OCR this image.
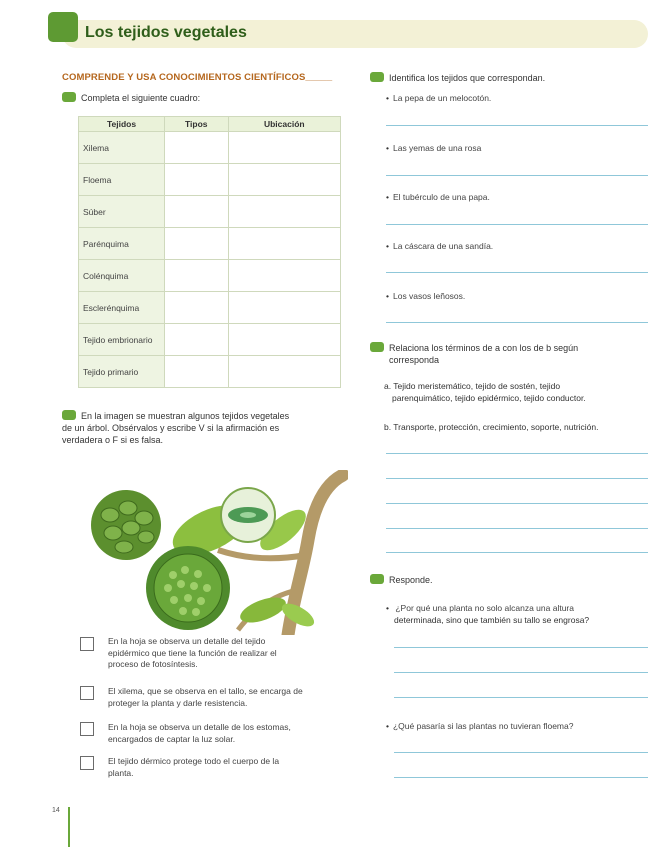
Los tejidos vegetales
COMPRENDE Y USA CONOCIMIENTOS CIENTÍFICOS_____
Completa el siguiente cuadro:
Tejidos	Tipos	Ubicación
Xilema		
Floema		
Súber		
Parénquima		
Colénquima		
Esclerénquima		
Tejido embrionario		
Tejido primario		
En la imagen se muestran algunos tejidos vegetales
de un árbol. Obsérvalos y escribe V si la afirmación es
verdadera o F si es falsa.
En la hoja se observa un detalle del tejido
epidérmico que tiene la función de realizar el
proceso de fotosíntesis.
El xilema, que se observa en el tallo, se encarga de
proteger la planta y darle resistencia.
En la hoja se observa un detalle de los estomas,
encargados de captar la luz solar.
El tejido dérmico protege todo el cuerpo de la
planta.
Identifica los tejidos que correspondan.
• La pepa de un melocotón.
• Las yemas de una rosa
• El tubérculo de una papa.
• La cáscara de una sandía.
• Los vasos leñosos.
Relaciona los términos de a con los de b según
corresponda
a. Tejido meristemático, tejido de sostén, tejido
parenquimático, tejido epidérmico, tejido conductor.
b. Transporte, protección, crecimiento, soporte, nutrición.
Responde.
• ¿Por qué una planta no solo alcanza una altura
determinada, sino que también su tallo se engrosa?
• ¿Qué pasaría si las plantas no tuvieran floema?
14
